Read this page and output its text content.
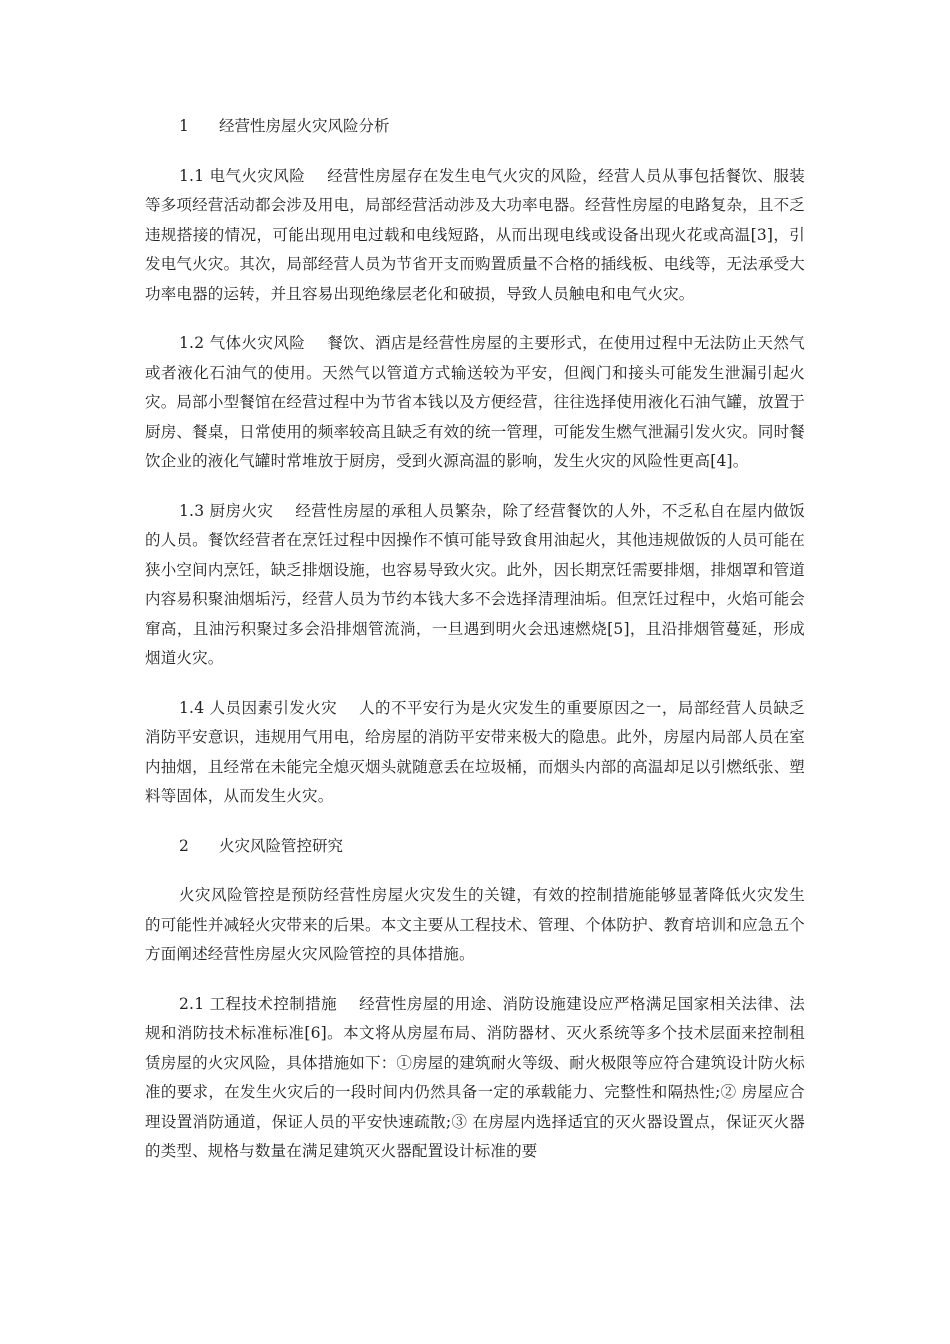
1 经营性房屋火灾风险分析

1.1 电气火灾风险 经营性房屋存在发生电气火灾的风险，经营人员从事包括餐饮、服装等多项经营活动都会涉及用电，局部经营活动涉及大功率电器。经营性房屋的电路复杂，且不乏违规搭接的情况，可能出现用电过载和电线短路，从而出现电线或设备出现火花或高温[3]，引发电气火灾。其次，局部经营人员为节省开支而购置质量不合格的插线板、电线等，无法承受大功率电器的运转，并且容易出现绝缘层老化和破损，导致人员触电和电气火灾。

1.2 气体火灾风险 餐饮、酒店是经营性房屋的主要形式，在使用过程中无法防止天然气或者液化石油气的使用。天然气以管道方式输送较为平安，但阀门和接头可能发生泄漏引起火灾。局部小型餐馆在经营过程中为节省本钱以及方便经营，往往选择使用液化石油气罐，放置于厨房、餐桌，日常使用的频率较高且缺乏有效的统一管理，可能发生燃气泄漏引发火灾。同时餐饮企业的液化气罐时常堆放于厨房，受到火源高温的影响，发生火灾的风险性更高[4]。

1.3 厨房火灾 经营性房屋的承租人员繁杂，除了经营餐饮的人外，不乏私自在屋内做饭的人员。餐饮经营者在烹饪过程中因操作不慎可能导致食用油起火，其他违规做饭的人员可能在狭小空间内烹饪，缺乏排烟设施，也容易导致火灾。此外，因长期烹饪需要排烟，排烟罩和管道内容易积聚油烟垢污，经营人员为节约本钱大多不会选择清理油垢。但烹饪过程中，火焰可能会窜高，且油污积聚过多会沿排烟管流淌，一旦遇到明火会迅速燃烧[5]，且沿排烟管蔓延，形成烟道火灾。

1.4 人员因素引发火灾 人的不平安行为是火灾发生的重要原因之一，局部经营人员缺乏消防平安意识，违规用气用电，给房屋的消防平安带来极大的隐患。此外，房屋内局部人员在室内抽烟，且经常在未能完全熄灭烟头就随意丢在垃圾桶，而烟头内部的高温却足以引燃纸张、塑料等固体，从而发生火灾。

2 火灾风险管控研究

火灾风险管控是预防经营性房屋火灾发生的关键，有效的控制措施能够显著降低火灾发生的可能性并减轻火灾带来的后果。本文主要从工程技术、管理、个体防护、教育培训和应急五个方面阐述经营性房屋火灾风险管控的具体措施。

2.1 工程技术控制措施 经营性房屋的用途、消防设施建设应严格满足国家相关法律、法规和消防技术标准标准[6]。本文将从房屋布局、消防器材、灭火系统等多个技术层面来控制租赁房屋的火灾风险，具体措施如下：①房屋的建筑耐火等级、耐火极限等应符合建筑设计防火标准的要求，在发生火灾后的一段时间内仍然具备一定的承载能力、完整性和隔热性;② 房屋应合理设置消防通道，保证人员的平安快速疏散;③ 在房屋内选择适宜的灭火器设置点，保证灭火器的类型、规格与数量在满足建筑灭火器配置设计标准的要
